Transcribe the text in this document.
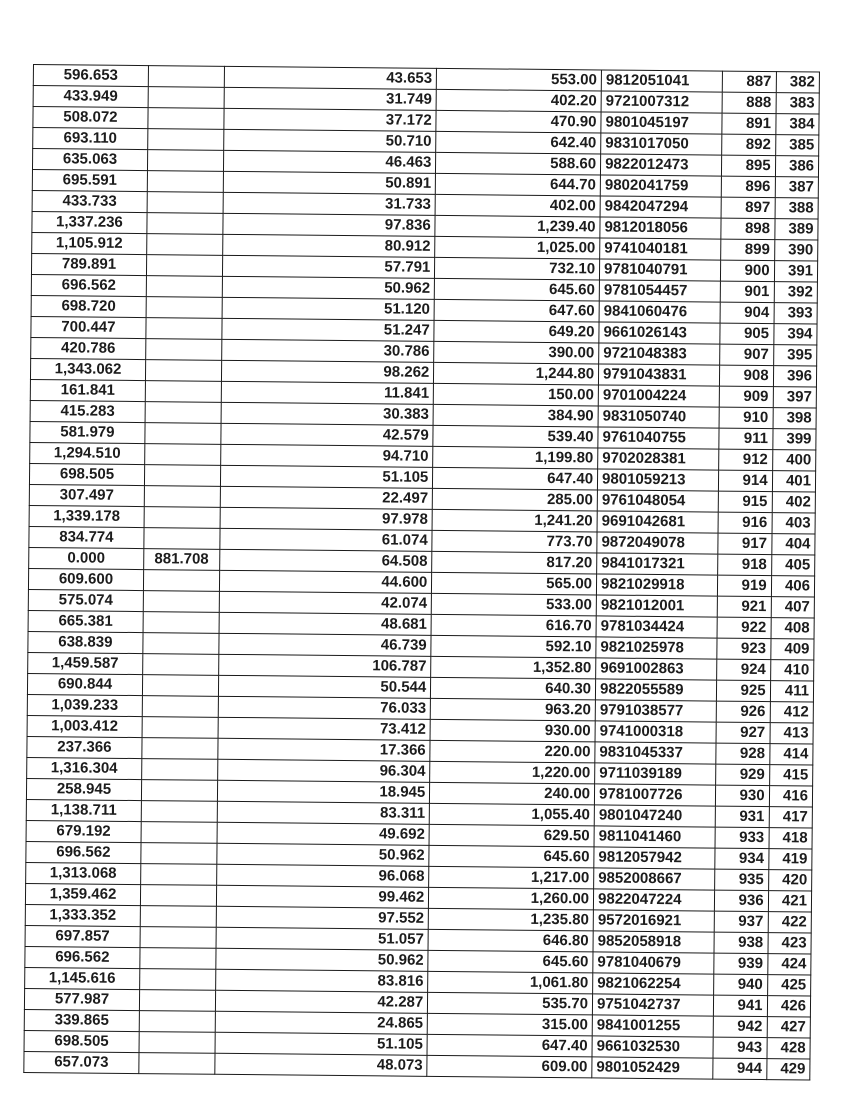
596.653		43.653	553.00	9812051041	887	382
433.949		31.749	402.20	9721007312	888	383
508.072		37.172	470.90	9801045197	891	384
693.110		50.710	642.40	9831017050	892	385
635.063		46.463	588.60	9822012473	895	386
695.591		50.891	644.70	9802041759	896	387
433.733		31.733	402.00	9842047294	897	388
1,337.236		97.836	1,239.40	9812018056	898	389
1,105.912		80.912	1,025.00	9741040181	899	390
789.891		57.791	732.10	9781040791	900	391
696.562		50.962	645.60	9781054457	901	392
698.720		51.120	647.60	9841060476	904	393
700.447		51.247	649.20	9661026143	905	394
420.786		30.786	390.00	9721048383	907	395
1,343.062		98.262	1,244.80	9791043831	908	396
161.841		11.841	150.00	9701004224	909	397
415.283		30.383	384.90	9831050740	910	398
581.979		42.579	539.40	9761040755	911	399
1,294.510		94.710	1,199.80	9702028381	912	400
698.505		51.105	647.40	9801059213	914	401
307.497		22.497	285.00	9761048054	915	402
1,339.178		97.978	1,241.20	9691042681	916	403
834.774		61.074	773.70	9872049078	917	404
0.000	881.708	64.508	817.20	9841017321	918	405
609.600		44.600	565.00	9821029918	919	406
575.074		42.074	533.00	9821012001	921	407
665.381		48.681	616.70	9781034424	922	408
638.839		46.739	592.10	9821025978	923	409
1,459.587		106.787	1,352.80	9691002863	924	410
690.844		50.544	640.30	9822055589	925	411
1,039.233		76.033	963.20	9791038577	926	412
1,003.412		73.412	930.00	9741000318	927	413
237.366		17.366	220.00	9831045337	928	414
1,316.304		96.304	1,220.00	9711039189	929	415
258.945		18.945	240.00	9781007726	930	416
1,138.711		83.311	1,055.40	9801047240	931	417
679.192		49.692	629.50	9811041460	933	418
696.562		50.962	645.60	9812057942	934	419
1,313.068		96.068	1,217.00	9852008667	935	420
1,359.462		99.462	1,260.00	9822047224	936	421
1,333.352		97.552	1,235.80	9572016921	937	422
697.857		51.057	646.80	9852058918	938	423
696.562		50.962	645.60	9781040679	939	424
1,145.616		83.816	1,061.80	9821062254	940	425
577.987		42.287	535.70	9751042737	941	426
339.865		24.865	315.00	9841001255	942	427
698.505		51.105	647.40	9661032530	943	428
657.073		48.073	609.00	9801052429	944	429
